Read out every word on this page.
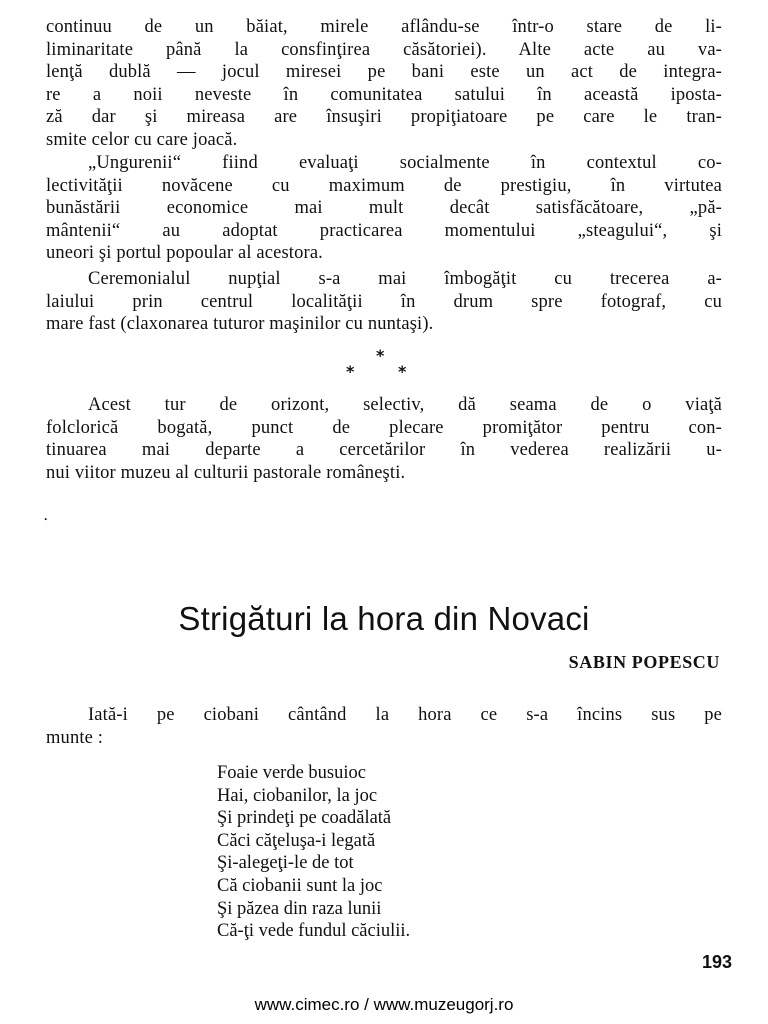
continuu de un băiat, mirele aflându-se într-o stare de li-
liminaritate până la consfinţirea căsătoriei). Alte acte au va-
lenţă dublă — jocul miresei pe bani este un act de integra-
re a noii neveste în comunitatea satului în această iposta-
ză dar şi mireasa are însuşiri propiţiatoare pe care le tran-
smite celor cu care joacă.
„Ungurenii“ fiind evaluaţi socialmente în contextul co-
lectivităţii novăcene cu maximum de prestigiu, în virtutea
bunăstării economice mai mult decât satisfăcătoare, „pă-
mântenii“ au adoptat practicarea momentului „steagului“, şi
uneori şi portul popoular al acestora.
Ceremonialul nupţial s-a mai îmbogăţit cu trecerea a-
laiului prin centrul localităţii în drum spre fotograf, cu
mare fast (claxonarea tuturor maşinilor cu nuntaşi).
*
*	*
Acest tur de orizont, selectiv, dă seama de o viaţă
folclorică bogată, punct de plecare promiţător pentru con-
tinuarea mai departe a cercetărilor în vederea realizării u-
nui viitor muzeu al culturii pastorale româneşti.
ꞏ
Strigături la hora din Novaci
SABIN POPESCU
Iată-i pe ciobani cântând la hora ce s-a încins sus pe
munte :
Foaie verde busuioc
Hai, ciobanilor, la joc
Şi prindeţi pe coadălată
Căci căţeluşa-i legată
Şi-alegeţi-le de tot
Că ciobanii sunt la joc
Şi păzea din raza lunii
Că-ţi vede fundul căciulii.
193
www.cimec.ro / www.muzeugorj.ro
